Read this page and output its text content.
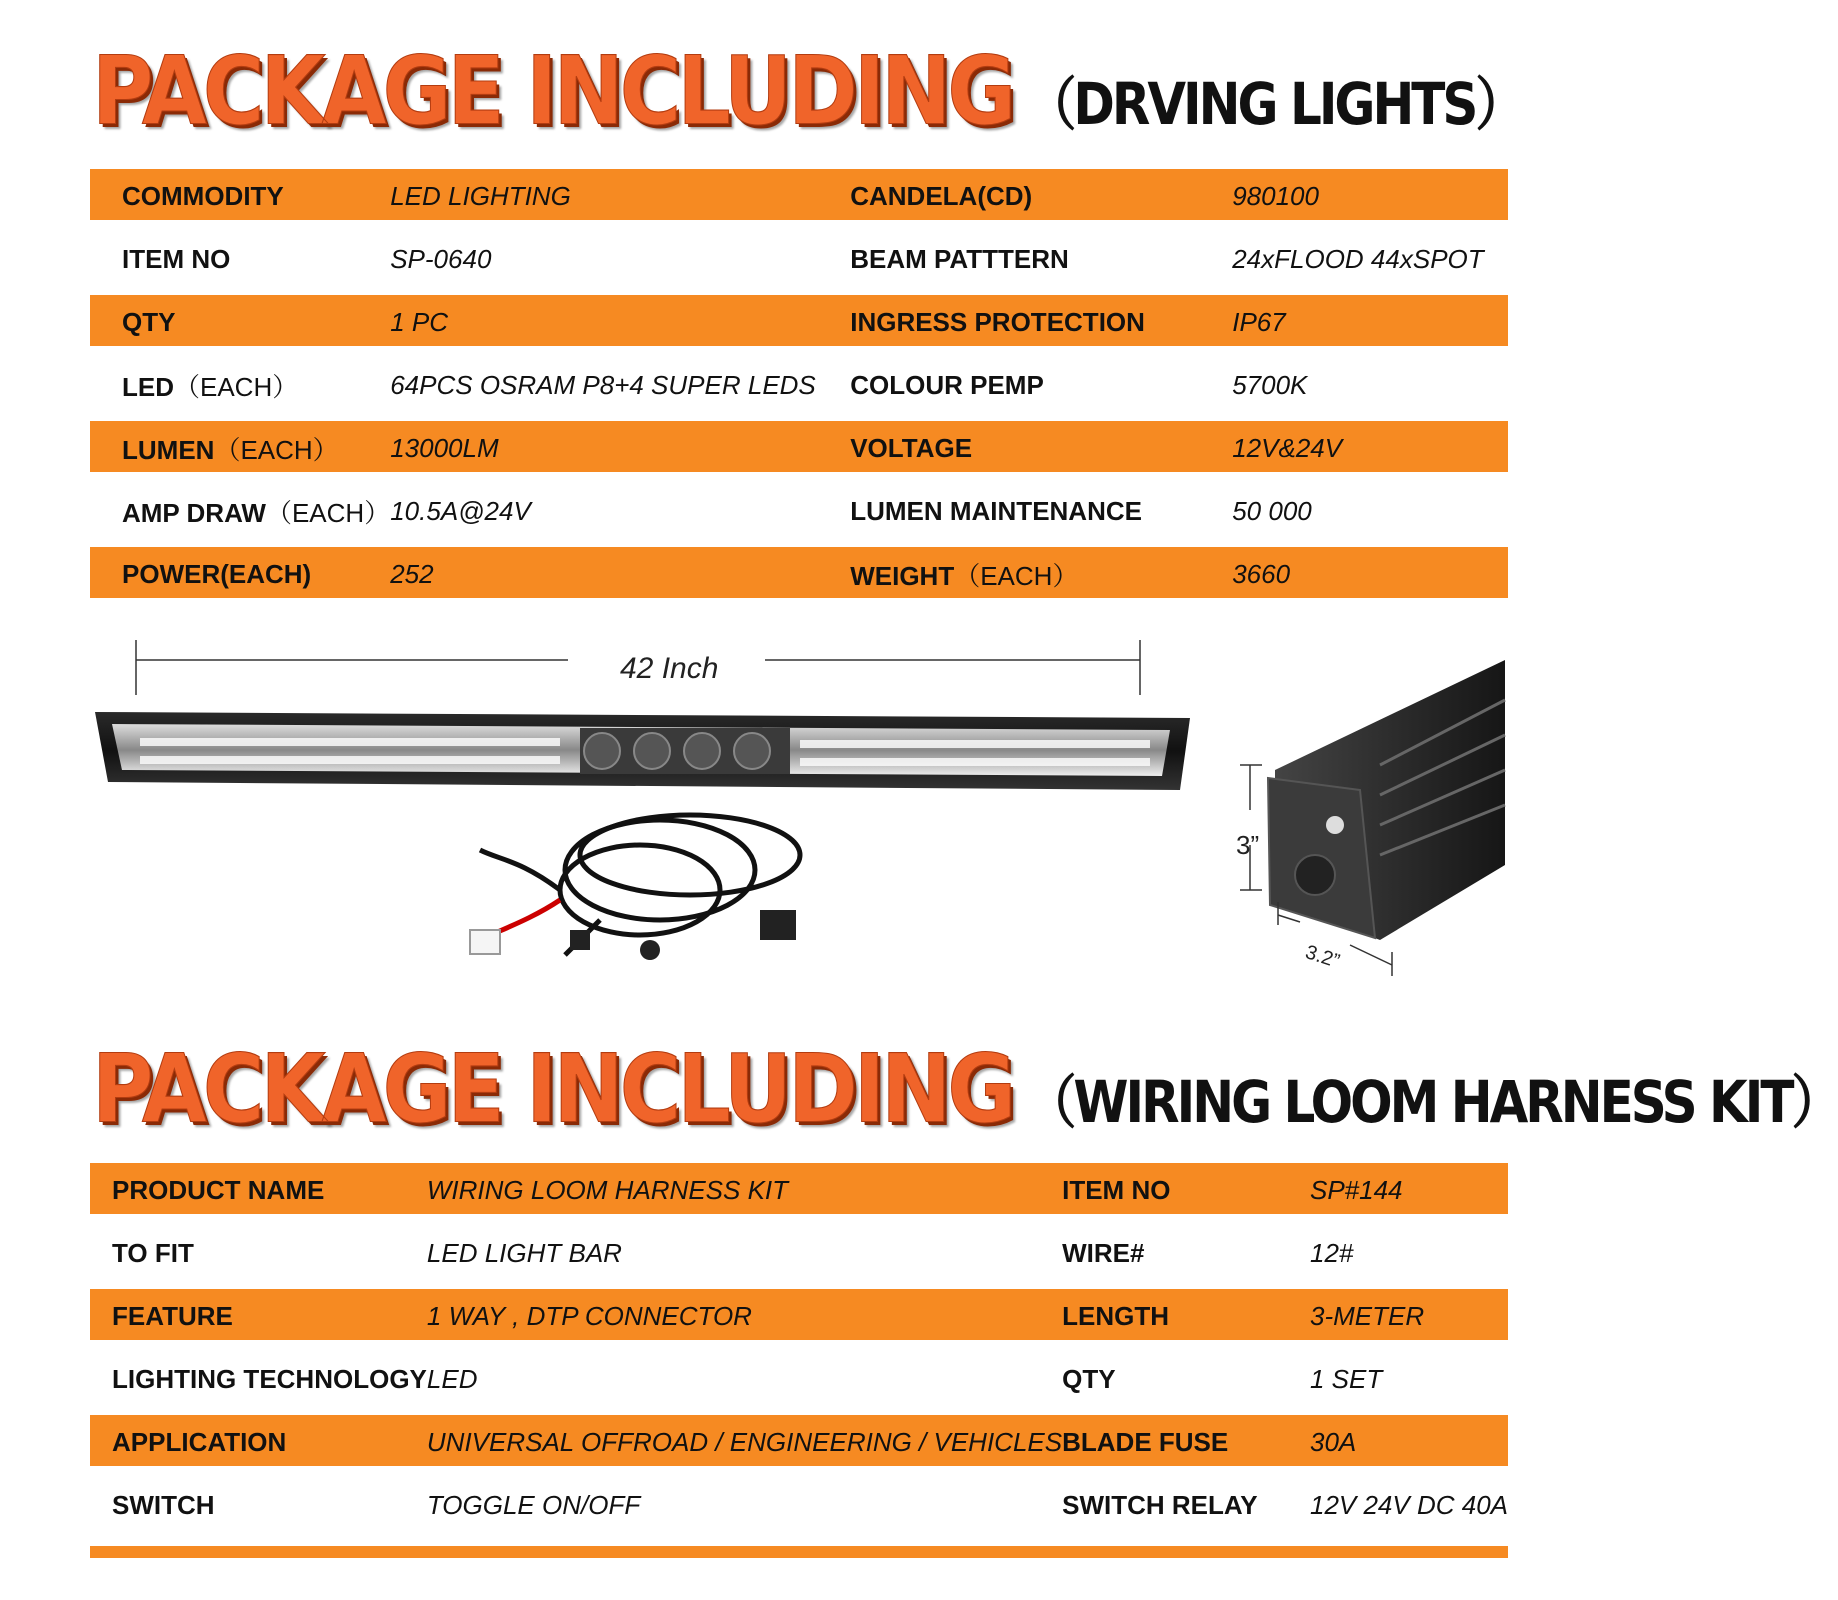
PACKAGE INCLUDING （DRVING LIGHTS）
COMMODITY	LED LIGHTING	CANDELA(CD)	980100
ITEM NO	SP-0640	BEAM PATTTERN	24xFLOOD 44xSPOT
QTY	1 PC	INGRESS PROTECTION	IP67
LED（EACH）	64PCS OSRAM P8+4 SUPER LEDS	COLOUR PEMP	5700K
LUMEN（EACH）	13000LM	VOLTAGE	12V&24V
AMP DRAW（EACH）	10.5A@24V	LUMEN MAINTENANCE	50 000
POWER(EACH)	252	WEIGHT（EACH）	3660
42 Inch
3”
3.2”
PACKAGE INCLUDING （WIRING LOOM HARNESS KIT）
PRODUCT NAME	WIRING LOOM HARNESS KIT	ITEM NO	SP#144
TO FIT	LED LIGHT BAR	WIRE#	12#
FEATURE	1 WAY , DTP CONNECTOR	LENGTH	3-METER
LIGHTING TECHNOLOGY	LED	QTY	1 SET
APPLICATION	UNIVERSAL OFFROAD / ENGINEERING / VEHICLES	BLADE FUSE	30A
SWITCH	TOGGLE ON/OFF	SWITCH RELAY	12V 24V DC 40A
